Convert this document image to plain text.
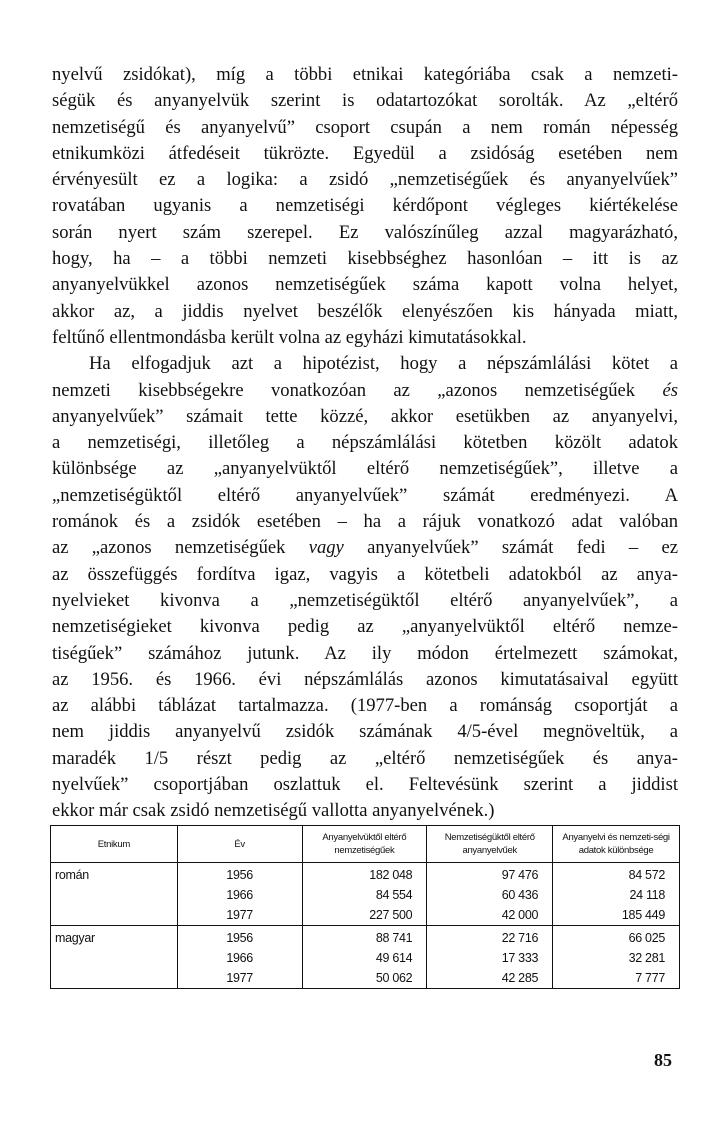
nyelvű zsidókat), míg a többi etnikai kategóriába csak a nemzeti-
ségük és anyanyelvük szerint is odatartozókat sorolták. Az „eltérő
nemzetiségű és anyanyelvű” csoport csupán a nem román népesség
etnikumközi átfedéseit tükrözte. Egyedül a zsidóság esetében nem
érvényesült ez a logika: a zsidó „nemzetiségűek és anyanyelvűek”
rovatában ugyanis a nemzetiségi kérdőpont végleges kiértékelése
során nyert szám szerepel. Ez valószínűleg azzal magyarázható,
hogy, ha – a többi nemzeti kisebbséghez hasonlóan – itt is az
anyanyelvükkel azonos nemzetiségűek száma kapott volna helyet,
akkor az, a jiddis nyelvet beszélők elenyészően kis hányada miatt,
feltűnő ellentmondásba került volna az egyházi kimutatásokkal.
Ha elfogadjuk azt a hipotézist, hogy a népszámlálási kötet a
nemzeti kisebbségekre vonatkozóan az „azonos nemzetiségűek és
anyanyelvűek” számait tette közzé, akkor esetükben az anyanyelvi,
a nemzetiségi, illetőleg a népszámlálási kötetben közölt adatok
különbsége az „anyanyelvüktől eltérő nemzetiségűek”, illetve a
„nemzetiségüktől eltérő anyanyelvűek” számát eredményezi. A
románok és a zsidók esetében – ha a rájuk vonatkozó adat valóban
az „azonos nemzetiségűek vagy anyanyelvűek” számát fedi – ez
az összefüggés fordítva igaz, vagyis a kötetbeli adatokból az anya-
nyelvieket kivonva a „nemzetiségüktől eltérő anyanyelvűek”, a
nemzetiségieket kivonva pedig az „anyanyelvüktől eltérő nemze-
tiségűek” számához jutunk. Az ily módon értelmezett számokat,
az 1956. és 1966. évi népszámlálás azonos kimutatásaival együtt
az alábbi táblázat tartalmazza. (1977-ben a románság csoportját a
nem jiddis anyanyelvű zsidók számának 4/5-ével megnöveltük, a
maradék 1/5 részt pedig az „eltérő nemzetiségűek és anya-
nyelvűek” csoportjában oszlattuk el. Feltevésünk szerint a jiddist
ekkor már csak zsidó nemzetiségű vallotta anyanyelvének.)
Etnikum	Év	Anyanyelvüktől eltérő nemzetiségűek	Nemzetiségüktől eltérő anyanyelvűek	Anyanyelvi és nemzeti-ségi adatok különbsége
román	1956	182 048	97 476	84 572
	1966	84 554	60 436	24 118
	1977	227 500	42 000	185 449
magyar	1956	88 741	22 716	66 025
	1966	49 614	17 333	32 281
	1977	50 062	42 285	7 777
85
